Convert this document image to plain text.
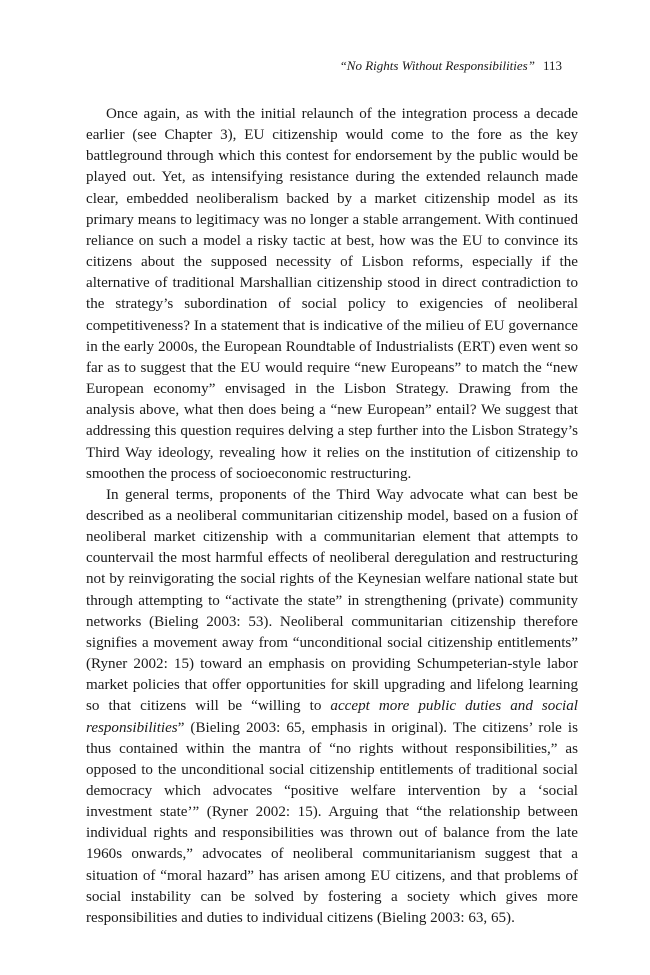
“No Rights Without Responsibilities” 113

Once again, as with the initial relaunch of the integration process a decade earlier (see Chapter 3), EU citizenship would come to the fore as the key battleground through which this contest for endorsement by the public would be played out. Yet, as intensifying resistance during the extended relaunch made clear, embedded neoliberalism backed by a market citizenship model as its primary means to legitimacy was no longer a stable arrangement. With continued reliance on such a model a risky tactic at best, how was the EU to convince its citizens about the supposed necessity of Lisbon reforms, especially if the alternative of traditional Marshallian citizenship stood in direct contradiction to the strategy’s subordination of social policy to exigencies of neoliberal competitiveness? In a statement that is indicative of the milieu of EU governance in the early 2000s, the European Roundtable of Industrialists (ERT) even went so far as to suggest that the EU would require “new Europeans” to match the “new European economy” envisaged in the Lisbon Strategy. Drawing from the analysis above, what then does being a “new European” entail? We suggest that addressing this question requires delving a step further into the Lisbon Strategy’s Third Way ideology, revealing how it relies on the institution of citizenship to smoothen the process of socioeconomic restructuring.

In general terms, proponents of the Third Way advocate what can best be described as a neoliberal communitarian citizenship model, based on a fusion of neoliberal market citizenship with a communitarian element that attempts to countervail the most harmful effects of neoliberal deregulation and restructuring not by reinvigorating the social rights of the Keynesian welfare national state but through attempting to “activate the state” in strengthening (private) community networks (Bieling 2003: 53). Neoliberal communitarian citizenship therefore signifies a movement away from “unconditional social citizenship entitlements” (Ryner 2002: 15) toward an emphasis on providing Schumpeterian-style labor market policies that offer opportunities for skill upgrading and lifelong learning so that citizens will be “willing to accept more public duties and social responsibilities” (Bieling 2003: 65, emphasis in original). The citizens’ role is thus contained within the mantra of “no rights without responsibilities,” as opposed to the unconditional social citizenship entitlements of traditional social democracy which advocates “positive welfare intervention by a ‘social investment state’” (Ryner 2002: 15). Arguing that “the relationship between individual rights and responsibilities was thrown out of balance from the late 1960s onwards,” advocates of neoliberal communitarianism suggest that a situation of “moral hazard” has arisen among EU citizens, and that problems of social instability can be solved by fostering a society which gives more responsibilities and duties to individual citizens (Bieling 2003: 63, 65).
